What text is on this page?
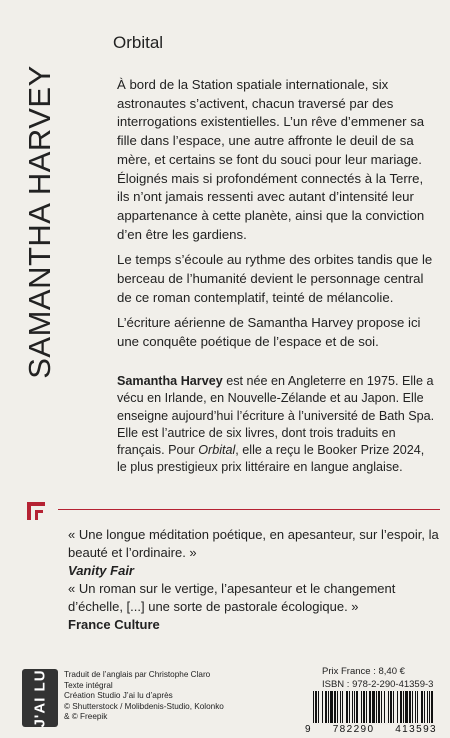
SAMANTHA HARVEY
Orbital

À bord de la Station spatiale internationale, six astronautes s’activent, chacun traversé par des interrogations existentielles. L’un rêve d’emmener sa fille dans l’espace, une autre affronte le deuil de sa mère, et certains se font du souci pour leur mariage.

Éloignés mais si profondément connectés à la Terre, ils n’ont jamais ressenti avec autant d’intensité leur appartenance à cette planète, ainsi que la conviction d’en être les gardiens.

Le temps s’écoule au rythme des orbites tandis que le berceau de l’humanité devient le personnage central de ce roman contemplatif, teinté de mélancolie.

L’écriture aérienne de Samantha Harvey propose ici une conquête poétique de l’espace et de soi.

Samantha Harvey est née en Angleterre en 1975. Elle a vécu en Irlande, en Nouvelle-Zélande et au Japon. Elle enseigne aujourd’hui l’écriture à l’université de Bath Spa. Elle est l’autrice de six livres, dont trois traduits en français. Pour Orbital, elle a reçu le Booker Prize 2024, le plus prestigieux prix littéraire en langue anglaise.
« Une longue méditation poétique, en apesanteur, sur l’espoir, la beauté et l’ordinaire. »
Vanity Fair
« Un roman sur le vertige, l’apesanteur et le changement d’échelle, [...] une sorte de pastorale écologique. »
France Culture
J'AI LU Traduit de l’anglais par Christophe Claro
Texte intégral
Création Studio J’ai lu d’après
© Shutterstock / Molibdenis-Studio, Kolonko
& © Freepik
Prix France : 8,40 €
ISBN : 978-2-290-41359-3
9 782290 413593
